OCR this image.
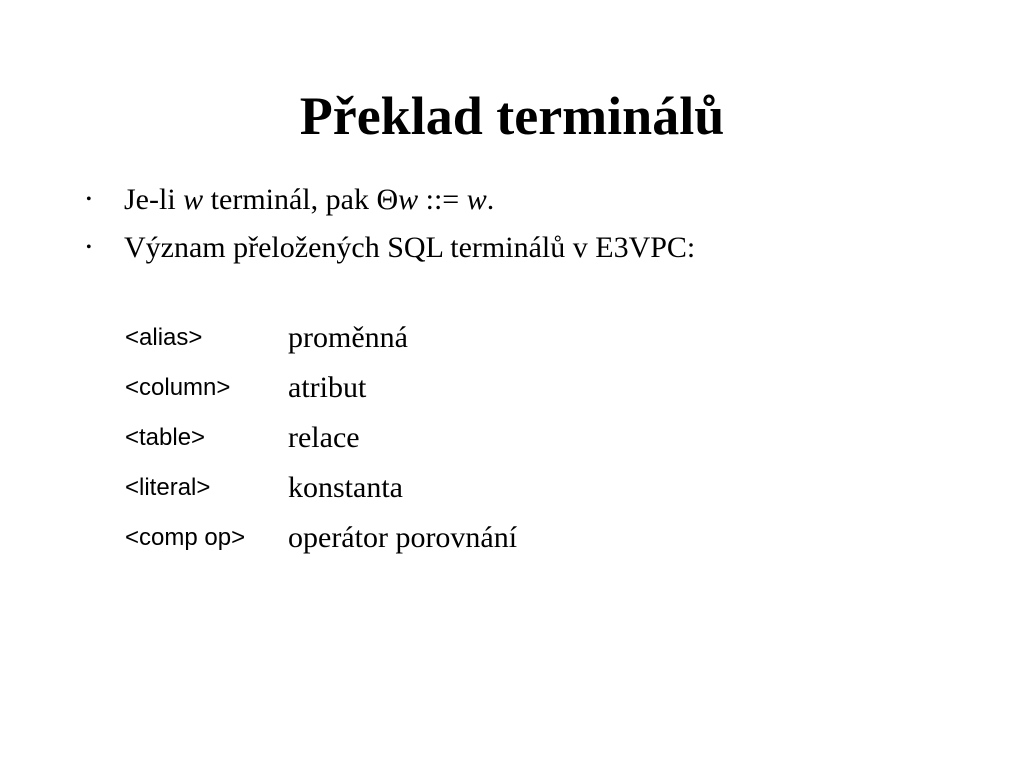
Překlad terminálů
• Je-li w terminál, pak Θw ::= w.
• Význam přeložených SQL terminálů v E3VPC:
<alias>	proměnná
<column>	atribut
<table>	relace
<literal>	konstanta
<comp op>	operátor porovnání
